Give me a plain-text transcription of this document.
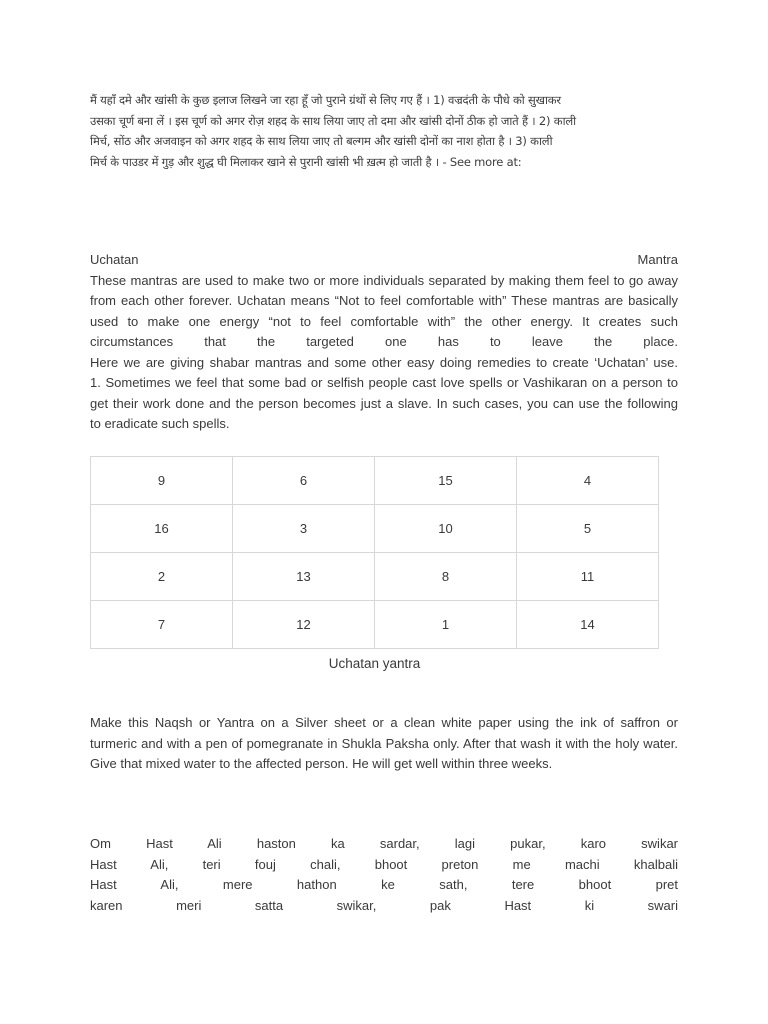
मैं यहाँ दमे और खांसी के कुछ इलाज लिखने जा रहा हूँ जो पुराने ग्रंथों से लिए गए हैं । 1) वज्रदंती के पौधे को सुखाकर
उसका चूर्ण बना लें । इस चूर्ण को अगर रोज़ शहद के साथ लिया जाए तो दमा और खांसी दोनों ठीक हो जाते हैं । 2) काली
मिर्च, सोंठ और अजवाइन को अगर शहद के साथ लिया जाए तो बल्गम और खांसी दोनों का नाश होता है । 3) काली
मिर्च के पाउडर में गुड़ और शुद्ध घी मिलाकर खाने से पुरानी खांसी भी ख़त्म हो जाती है । - See more at:
Uchatan Mantra
These mantras are used to make two or more individuals separated by making them feel to go away
from each other forever. Uchatan means “Not to feel comfortable with” These mantras are basically
used to make one energy “not to feel comfortable with” the other energy. It creates such
circumstances that the targeted one has to leave the place.
Here we are giving shabar mantras and some other easy doing remedies to create ‘Uchatan’ use.
1. Sometimes we feel that some bad or selfish people cast love spells or Vashikaran on a person to
get their work done and the person becomes just a slave. In such cases, you can use the following
to eradicate such spells.
9	6	15	4
16	3	10	5
2	13	8	11
7	12	1	14
Uchatan yantra
Make this Naqsh or Yantra on a Silver sheet or a clean white paper using the ink of saffron or
turmeric and with a pen of pomegranate in Shukla Paksha only. After that wash it with the holy water.
Give that mixed water to the affected person. He will get well within three weeks.
Om Hast Ali haston ka sardar, lagi pukar, karo swikar
Hast Ali, teri fouj chali, bhoot preton me machi khalbali
Hast Ali, mere hathon ke sath, tere bhoot pret
karen meri satta swikar, pak Hast ki swari
